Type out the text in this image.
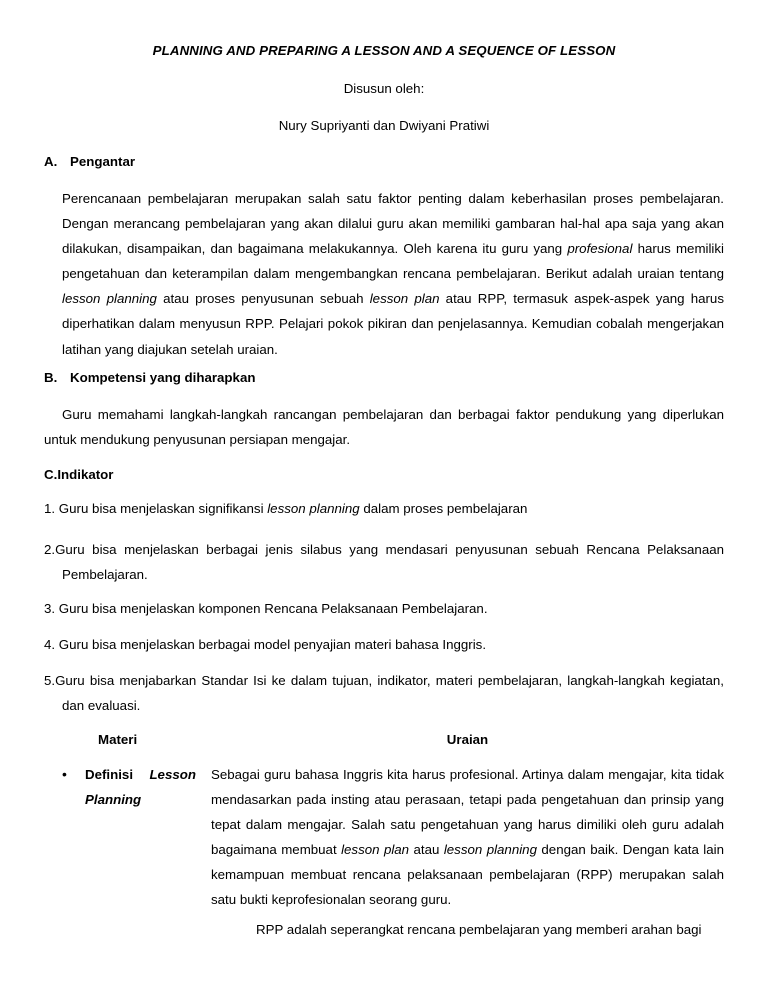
PLANNING AND PREPARING A LESSON AND A SEQUENCE OF LESSON
Disusun oleh:
Nury Supriyanti dan Dwiyani Pratiwi
A. Pengantar
Perencanaan pembelajaran merupakan salah satu faktor penting dalam keberhasilan proses pembelajaran. Dengan merancang pembelajaran yang akan dilalui guru akan memiliki gambaran hal-hal apa saja yang akan dilakukan, disampaikan, dan bagaimana melakukannya. Oleh karena itu guru yang profesional harus memiliki pengetahuan dan keterampilan dalam mengembangkan rencana pembelajaran. Berikut adalah uraian tentang lesson planning atau proses penyusunan sebuah lesson plan atau RPP, termasuk aspek-aspek yang harus diperhatikan dalam menyusun RPP. Pelajari pokok pikiran dan penjelasannya. Kemudian cobalah mengerjakan latihan yang diajukan setelah uraian.
B. Kompetensi yang diharapkan
Guru memahami langkah-langkah rancangan pembelajaran dan berbagai faktor pendukung yang diperlukan untuk mendukung penyusunan persiapan mengajar.
C.Indikator
1. Guru bisa menjelaskan signifikansi lesson planning dalam proses pembelajaran
2.Guru bisa menjelaskan berbagai jenis silabus yang mendasari penyusunan sebuah Rencana Pelaksanaan Pembelajaran.
3. Guru bisa menjelaskan komponen Rencana Pelaksanaan Pembelajaran.
4. Guru bisa menjelaskan berbagai model penyajian materi bahasa Inggris.
5.Guru bisa menjabarkan Standar Isi ke dalam tujuan, indikator, materi pembelajaran, langkah-langkah kegiatan, dan evaluasi.
Materi	Uraian
• Definisi Lesson Planning
Sebagai guru bahasa Inggris kita harus profesional. Artinya dalam mengajar, kita tidak mendasarkan pada insting atau perasaan, tetapi pada pengetahuan dan prinsip yang tepat dalam mengajar. Salah satu pengetahuan yang harus dimiliki oleh guru adalah bagaimana membuat lesson plan atau lesson planning dengan baik. Dengan kata lain kemampuan membuat rencana pelaksanaan pembelajaran (RPP) merupakan salah satu bukti keprofesionalan seorang guru.
RPP adalah seperangkat rencana pembelajaran yang memberi arahan bagi
